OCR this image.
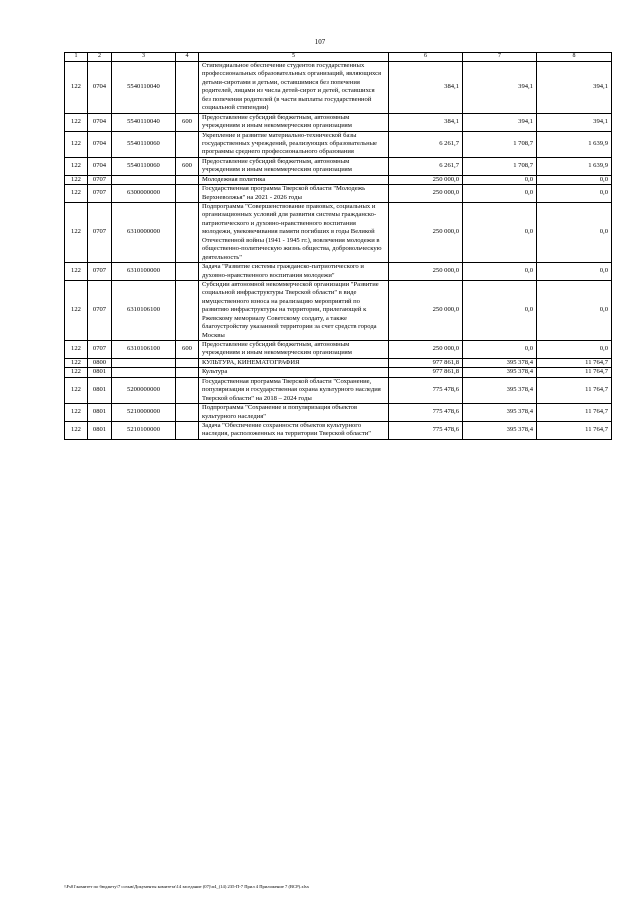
107
1	2	3	4	5	6	7	8
122	0704	5540110040		Стипендиальное обеспечение студентов государственных профессиональных образовательных организаций, являющихся детьми-сиротами и детьми, оставшимися без попечения родителей, лицами из числа детей-сирот и детей, оставшихся без попечения родителей (в части выплаты государственной социальной стипендии)	384,1	394,1	394,1
122	0704	5540110040	600	Предоставление субсидий бюджетным, автономным учреждениям и иным некоммерческим организациям	384,1	394,1	394,1
122	0704	5540110060		Укрепление и развитие материально-технической базы государственных учреждений, реализующих образовательные программы среднего профессионального образования	6 261,7	1 708,7	1 639,9
122	0704	5540110060	600	Предоставление субсидий бюджетным, автономным учреждениям и иным некоммерческим организациям	6 261,7	1 708,7	1 639,9
122	0707			Молодежная политика	250 000,0	0,0	0,0
122	0707	6300000000		Государственная программа Тверской области "Молодежь Верхневолжья" на 2021 - 2026 годы	250 000,0	0,0	0,0
122	0707	6310000000		Подпрограмма "Совершенствование правовых, социальных и организационных условий для развития системы гражданско-патриотического и духовно-нравственного воспитания молодежи, увековечивания памяти погибших в годы Великой Отечественной войны (1941 - 1945 гг.), вовлечения молодежи в общественно-политическую жизнь общества, добровольческую деятельность"	250 000,0	0,0	0,0
122	0707	6310100000		Задача "Развитие системы гражданско-патриотического и духовно-нравственного воспитания молодежи"	250 000,0	0,0	0,0
122	0707	6310106100		Субсидии автономной некоммерческой организации "Развитие социальной инфраструктуры Тверской области" в виде имущественного взноса на реализацию мероприятий по развитию инфраструктуры на территории, прилегающей к Ржевскому мемориалу Советскому солдату, а также благоустройству указанной территории за счет средств города Москвы	250 000,0	0,0	0,0
122	0707	6310106100	600	Предоставление субсидий бюджетным, автономным учреждениям и иным некоммерческим организациям	250 000,0	0,0	0,0
122	0800			КУЛЬТУРА, КИНЕМАТОГРАФИЯ	977 861,8	395 378,4	11 764,7
122	0801			Культура	977 861,8	395 378,4	11 764,7
122	0801	5200000000		Государственная программа Тверской области "Сохранение, популяризация и государственная охрана культурного наследия Тверской области" на 2018 – 2024 годы	775 478,6	395 378,4	11 764,7
122	0801	5210000000		Подпрограмма "Сохранение и популяризация объектов культурного наследия"	775 478,6	395 378,4	11 764,7
122	0801	5210100000		Задача "Обеспечение сохранности объектов культурного наследия, расположенных на территории Тверской области"	775 478,6	395 378,4	11 764,7
\\Fs01\комитет по бюджету\7 созыв\Документы комитета\14 заседание (07)\п4_(14) 235-П-7 Прил 4 Приложение 7 (ВСР).xlsx
